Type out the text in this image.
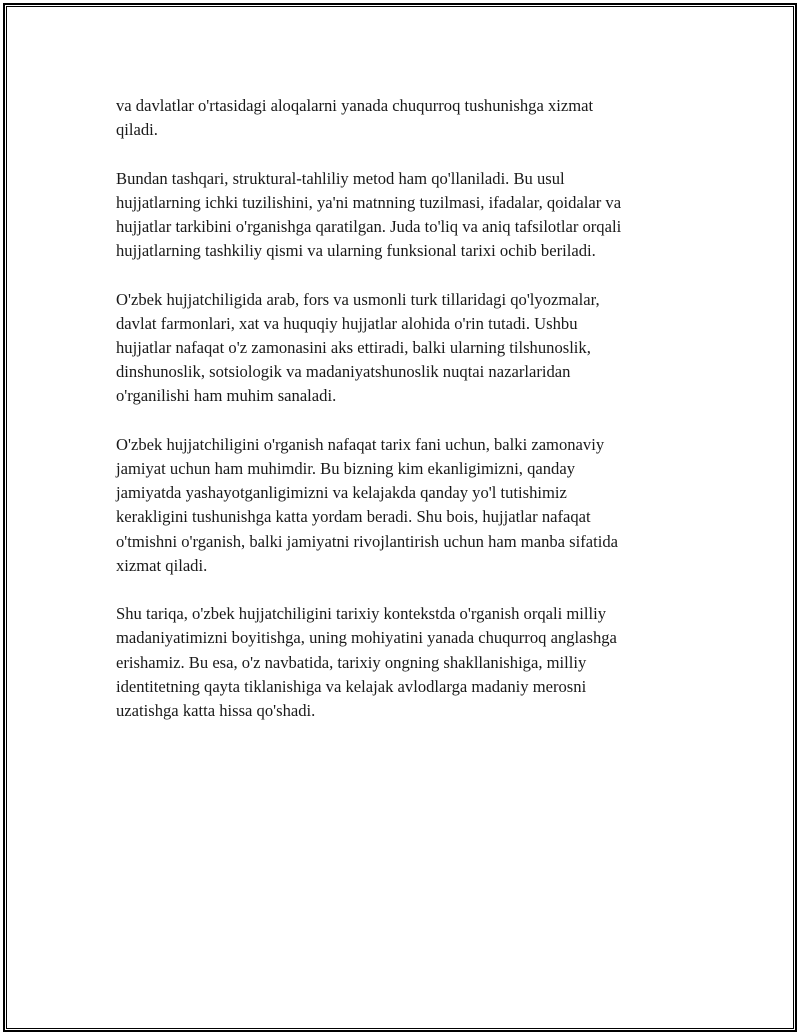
va davlatlar o'rtasidagi aloqalarni yanada chuqurroq tushunishga xizmat
qiladi.

Bundan tashqari, struktural-tahliliy metod ham qo'llaniladi. Bu usul
hujjatlarning ichki tuzilishini, ya'ni matnning tuzilmasi, ifadalar, qoidalar va
hujjatlar tarkibini o'rganishga qaratilgan. Juda to'liq va aniq tafsilotlar orqali
hujjatlarning tashkiliy qismi va ularning funksional tarixi ochib beriladi.

O'zbek hujjatchiligida arab, fors va usmonli turk tillaridagi qo'lyozmalar,
davlat farmonlari, xat va huquqiy hujjatlar alohida o'rin tutadi. Ushbu
hujjatlar nafaqat o'z zamonasini aks ettiradi, balki ularning tilshunoslik,
dinshunoslik, sotsiologik va madaniyatshunoslik nuqtai nazarlaridan
o'rganilishi ham muhim sanaladi.

O'zbek hujjatchiligini o'rganish nafaqat tarix fani uchun, balki zamonaviy
jamiyat uchun ham muhimdir. Bu bizning kim ekanligimizni, qanday
jamiyatda yashayotganligimizni va kelajakda qanday yo'l tutishimiz
kerakligini tushunishga katta yordam beradi. Shu bois, hujjatlar nafaqat
o'tmishni o'rganish, balki jamiyatni rivojlantirish uchun ham manba sifatida
xizmat qiladi.

Shu tariqa, o'zbek hujjatchiligini tarixiy kontekstda o'rganish orqali milliy
madaniyatimizni boyitishga, uning mohiyatini yanada chuqurroq anglashga
erishamiz. Bu esa, o'z navbatida, tarixiy ongning shakllanishiga, milliy
identitetning qayta tiklanishiga va kelajak avlodlarga madaniy merosni
uzatishga katta hissa qo'shadi.
